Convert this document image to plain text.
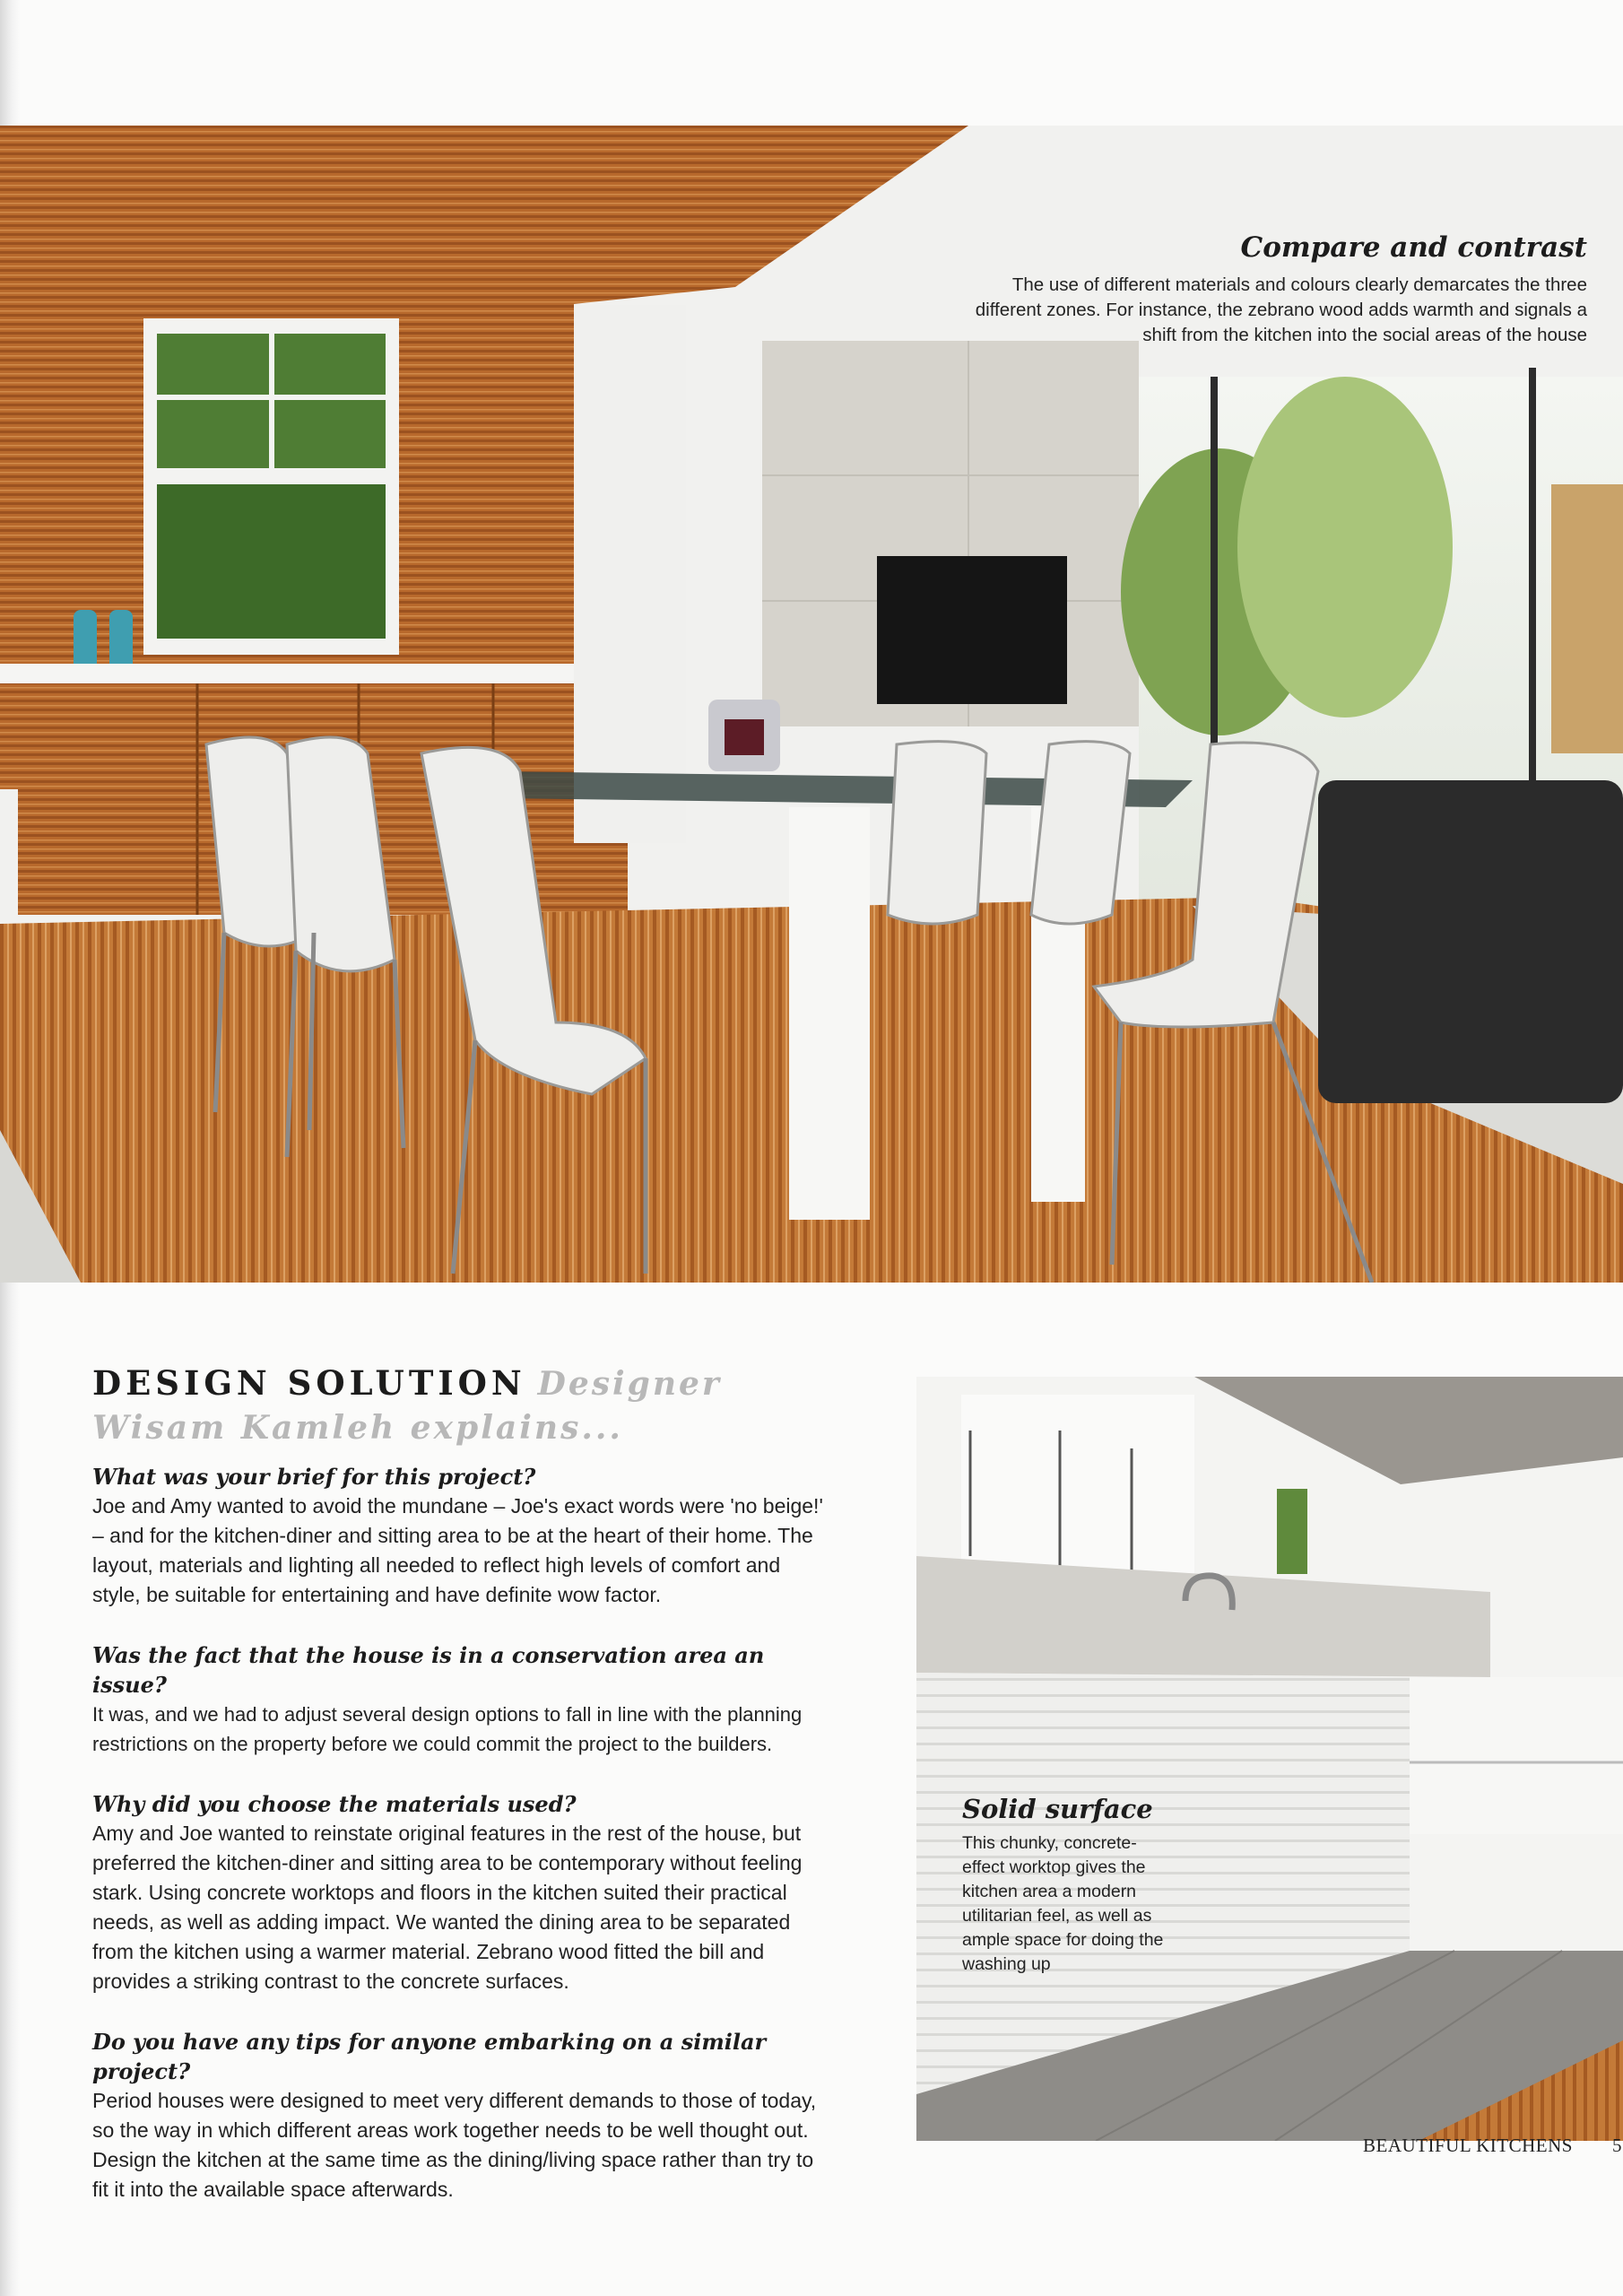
Compare and contrast

The use of different materials and colours clearly demarcates the three different zones. For instance, the zebrano wood adds warmth and signals a shift from the kitchen into the social areas of the house

DESIGN SOLUTION Designer Wisam Kamleh explains...

What was your brief for this project?

Joe and Amy wanted to avoid the mundane – Joe's exact words were 'no beige!' – and for the kitchen-diner and sitting area to be at the heart of their home. The layout, materials and lighting all needed to reflect high levels of comfort and style, be suitable for entertaining and have definite wow factor.

Was the fact that the house is in a conservation area an issue?

It was, and we had to adjust several design options to fall in line with the planning restrictions on the property before we could commit the project to the builders.

Why did you choose the materials used?

Amy and Joe wanted to reinstate original features in the rest of the house, but preferred the kitchen-diner and sitting area to be contemporary without feeling stark. Using concrete worktops and floors in the kitchen suited their practical needs, as well as adding impact. We wanted the dining area to be separated from the kitchen using a warmer material. Zebrano wood fitted the bill and provides a striking contrast to the concrete surfaces.

Do you have any tips for anyone embarking on a similar project?

Period houses were designed to meet very different demands to those of today, so the way in which different areas work together needs to be well thought out. Design the kitchen at the same time as the dining/living space rather than try to fit it into the available space afterwards.

Solid surface

This chunky, concrete-effect worktop gives the kitchen area a modern utilitarian feel, as well as ample space for doing the washing up

BEAUTIFUL KITCHENS 5
